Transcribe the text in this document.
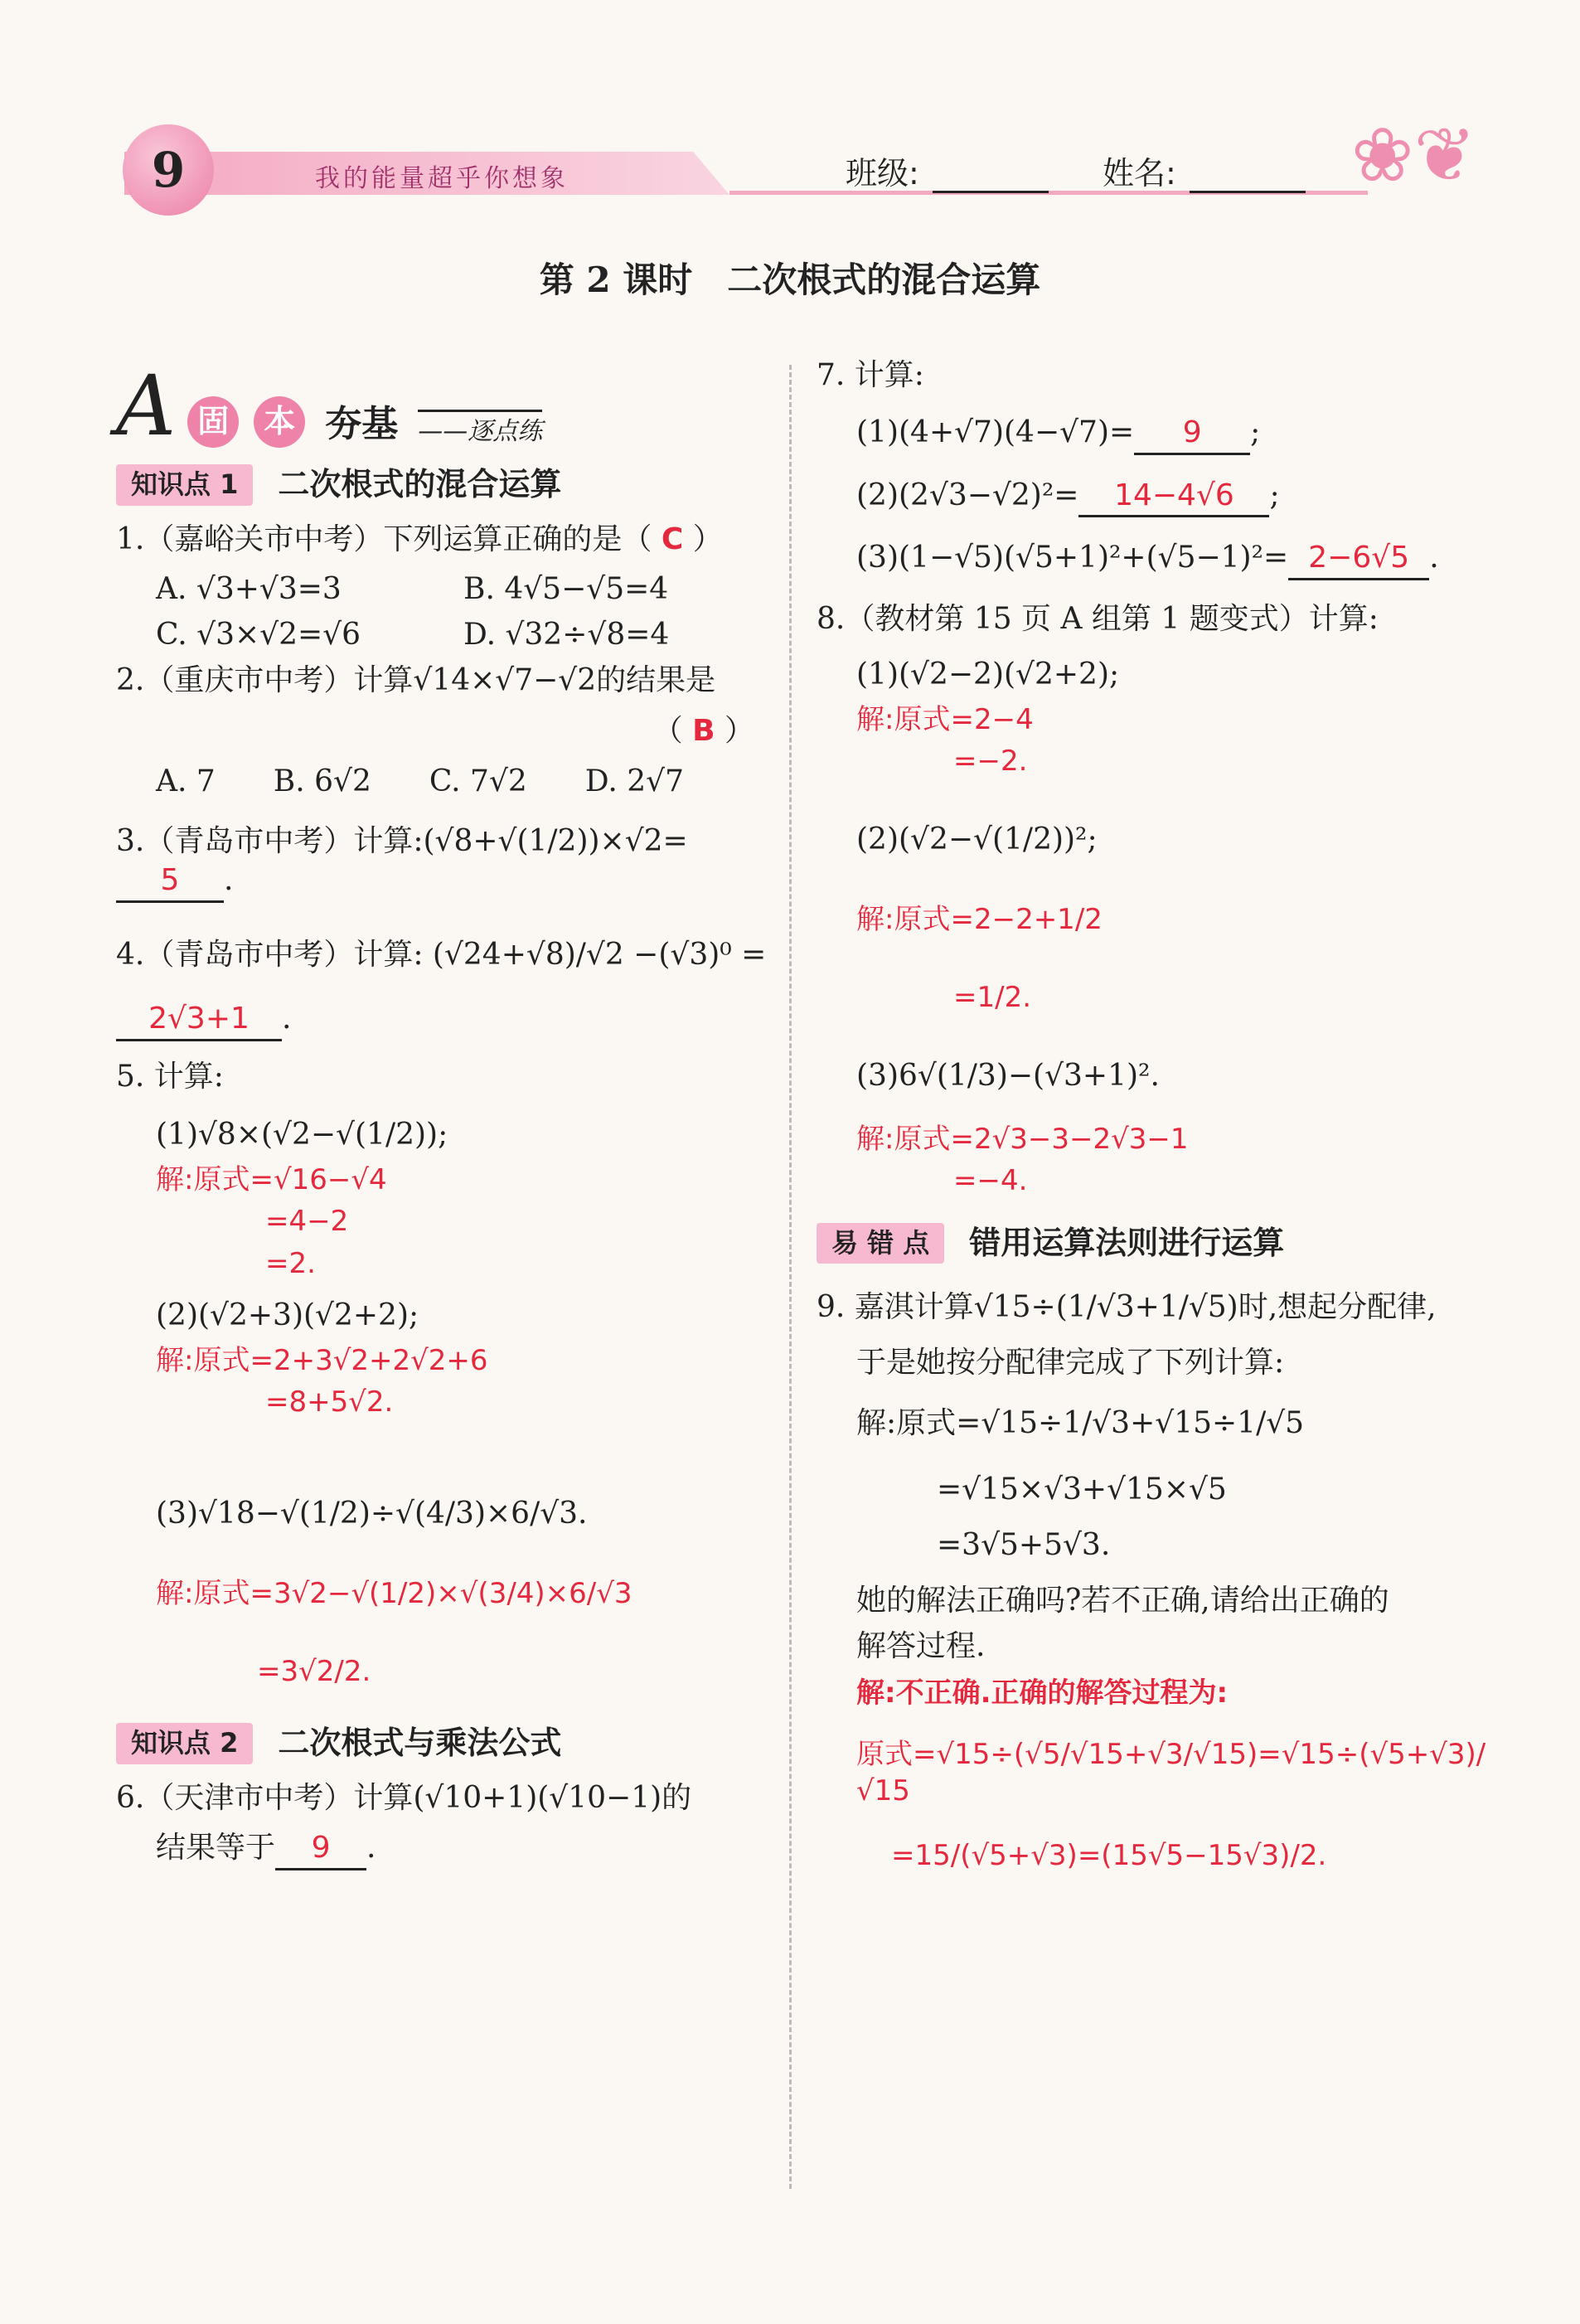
9	我的能量超乎你想象	班级:	姓名:	❀❦
第 2 课时　二次根式的混合运算
A 固	本 夯基 ——逐点练
知识点 1	二次根式的混合运算
1.（嘉峪关市中考）下列运算正确的是（ C ）
A. √3+√3=3	B. 4√5−√5=4
C. √3×√2=√6	D. √32÷√8=4
2.（重庆市中考）计算√14×√7−√2的结果是
（ B ）
A. 7 B. 6√2 C. 7√2 D. 2√7
3.（青岛市中考）计算:(√8+√(1/2))×√2=5 .
4.（青岛市中考）计算: (√24+√8)/√2 −(√3)⁰ =
2√3+1 .
5. 计算:
(1)√8×(√2−√(1/2));
解:原式=√16−√4
=4−2
=2.
(2)(√2+3)(√2+2);
解:原式=2+3√2+2√2+6
=8+5√2.
(3)√18−√(1/2)÷√(4/3)×6/√3.
解:原式=3√2−√(1/2)×√(3/4)×6/√3
=3√2/2.
知识点 2	二次根式与乘法公式
6.（天津市中考）计算(√10+1)(√10−1)的
结果等于 9 .
7. 计算:
(1)(4+√7)(4−√7)= 9 ;
(2)(2√3−√2)²= 14−4√6 ;
(3)(1−√5)(√5+1)²+(√5−1)²= 2−6√5 .
8.（教材第 15 页 A 组第 1 题变式）计算:
(1)(√2−2)(√2+2);
解:原式=2−4
=−2.
(2)(√2−√(1/2))²;
解:原式=2−2+1/2
=1/2.
(3)6√(1/3)−(√3+1)².
解:原式=2√3−3−2√3−1
=−4.
易 错 点	错用运算法则进行运算
9. 嘉淇计算√15÷(1/√3+1/√5)时,想起分配律,
于是她按分配律完成了下列计算:
解:原式=√15÷1/√3+√15÷1/√5
=√15×√3+√15×√5
=3√5+5√3.
她的解法正确吗?若不正确,请给出正确的
解答过程.
解:不正确.正确的解答过程为:
原式=√15÷(√5/√15+√3/√15)=√15÷(√5+√3)/√15
=15/(√5+√3)=(15√5−15√3)/2.
